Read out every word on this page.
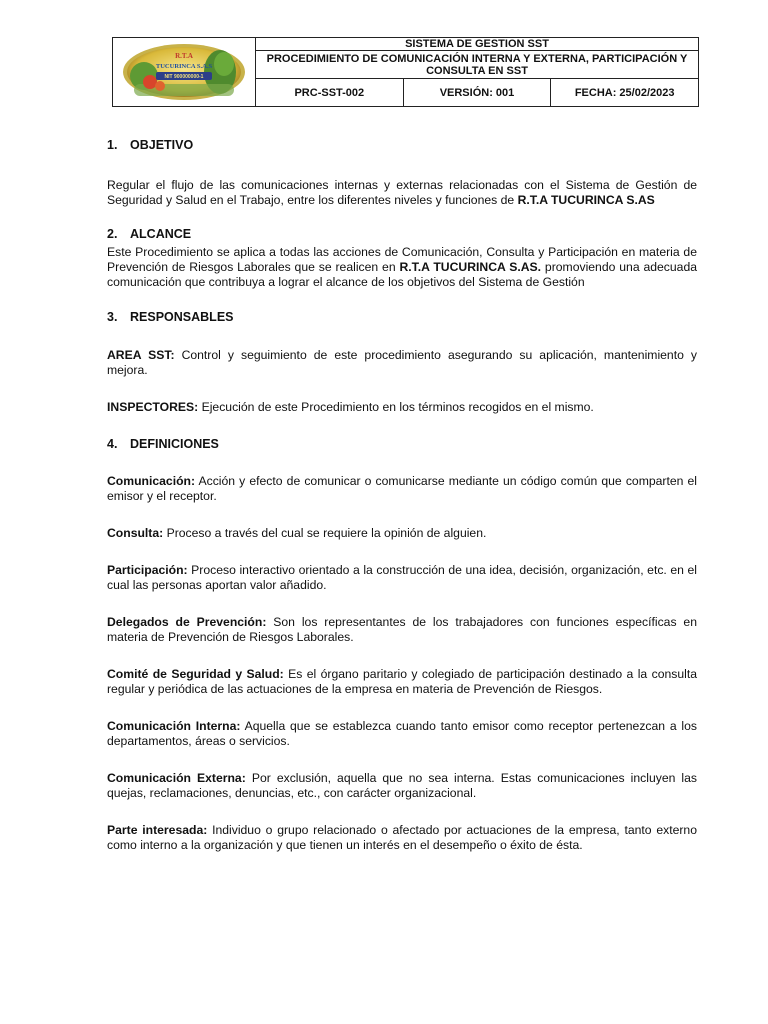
R.T.A
TUCURINCA S.A.S
NIT 900000000-1	SISTEMA DE GESTION SST		
	PROCEDIMIENTO DE COMUNICACIÓN INTERNA Y EXTERNA, PARTICIPACIÓN Y CONSULTA EN SST		
	PRC-SST-002	VERSIÓN: 001	FECHA: 25/02/2023
1. OBJETIVO

Regular el flujo de las comunicaciones internas y externas relacionadas con el Sistema de Gestión de Seguridad y Salud en el Trabajo, entre los diferentes niveles y funciones de R.T.A TUCURINCA S.AS

2. ALCANCE

Este Procedimiento se aplica a todas las acciones de Comunicación, Consulta y Participación en materia de Prevención de Riesgos Laborales que se realicen en R.T.A TUCURINCA S.AS. promoviendo una adecuada comunicación que contribuya a lograr el alcance de los objetivos del Sistema de Gestión

3. RESPONSABLES

AREA SST: Control y seguimiento de este procedimiento asegurando su aplicación, mantenimiento y mejora.

INSPECTORES: Ejecución de este Procedimiento en los términos recogidos en el mismo.

4. DEFINICIONES

Comunicación: Acción y efecto de comunicar o comunicarse mediante un código común que comparten el emisor y el receptor.

Consulta: Proceso a través del cual se requiere la opinión de alguien.

Participación: Proceso interactivo orientado a la construcción de una idea, decisión, organización, etc. en el cual las personas aportan valor añadido.

Delegados de Prevención: Son los representantes de los trabajadores con funciones específicas en materia de Prevención de Riesgos Laborales.

Comité de Seguridad y Salud: Es el órgano paritario y colegiado de participación destinado a la consulta regular y periódica de las actuaciones de la empresa en materia de Prevención de Riesgos.

Comunicación Interna: Aquella que se establezca cuando tanto emisor como receptor pertenezcan a los departamentos, áreas o servicios.

Comunicación Externa: Por exclusión, aquella que no sea interna. Estas comunicaciones incluyen las quejas, reclamaciones, denuncias, etc., con carácter organizacional.

Parte interesada: Individuo o grupo relacionado o afectado por actuaciones de la empresa, tanto externo como interno a la organización y que tienen un interés en el desempeño o éxito de ésta.
